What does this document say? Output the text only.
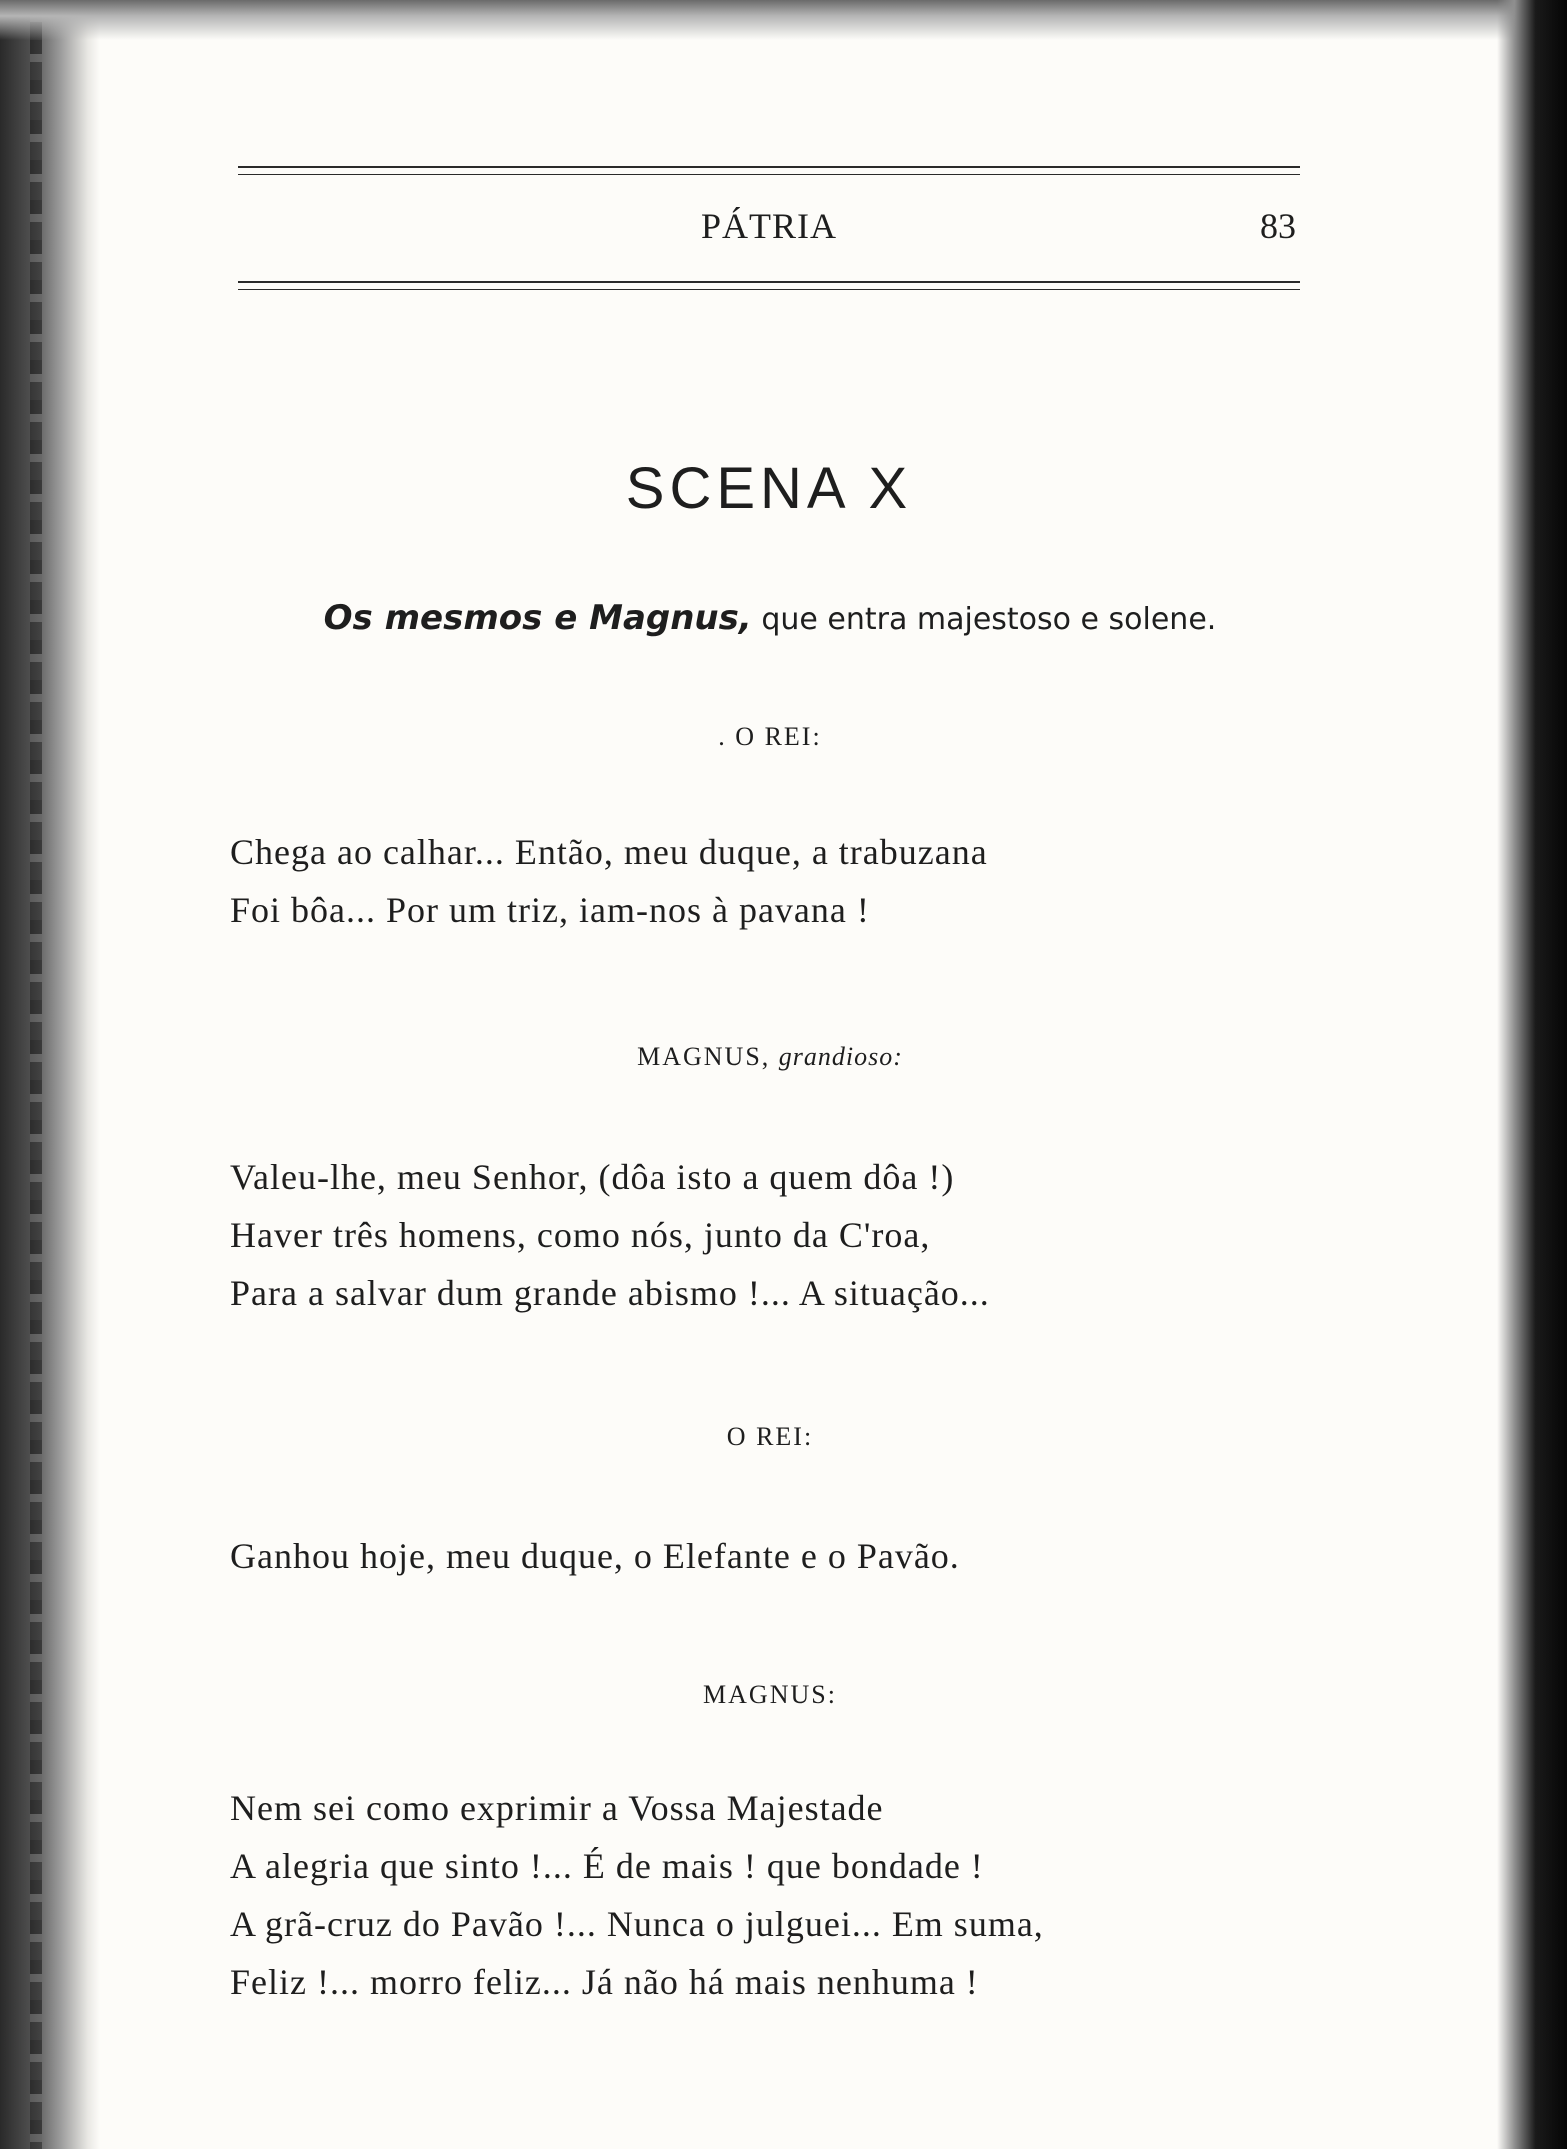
PÁTRIA	83
SCENA X
Os mesmos e Magnus, que entra majestoso e solene.
. O REI:
Chega ao calhar... Então, meu duque, a trabuzana
Foi bôa... Por um triz, iam-nos à pavana !
MAGNUS, grandioso:
Valeu-lhe, meu Senhor, (dôa isto a quem dôa !)
Haver três homens, como nós, junto da C'roa,
Para a salvar dum grande abismo !... A situação...
O REI:
Ganhou hoje, meu duque, o Elefante e o Pavão.
MAGNUS:
Nem sei como exprimir a Vossa Majestade
A alegria que sinto !... É de mais ! que bondade !
A grã-cruz do Pavão !... Nunca o julguei... Em suma,
Feliz !... morro feliz... Já não há mais nenhuma !
